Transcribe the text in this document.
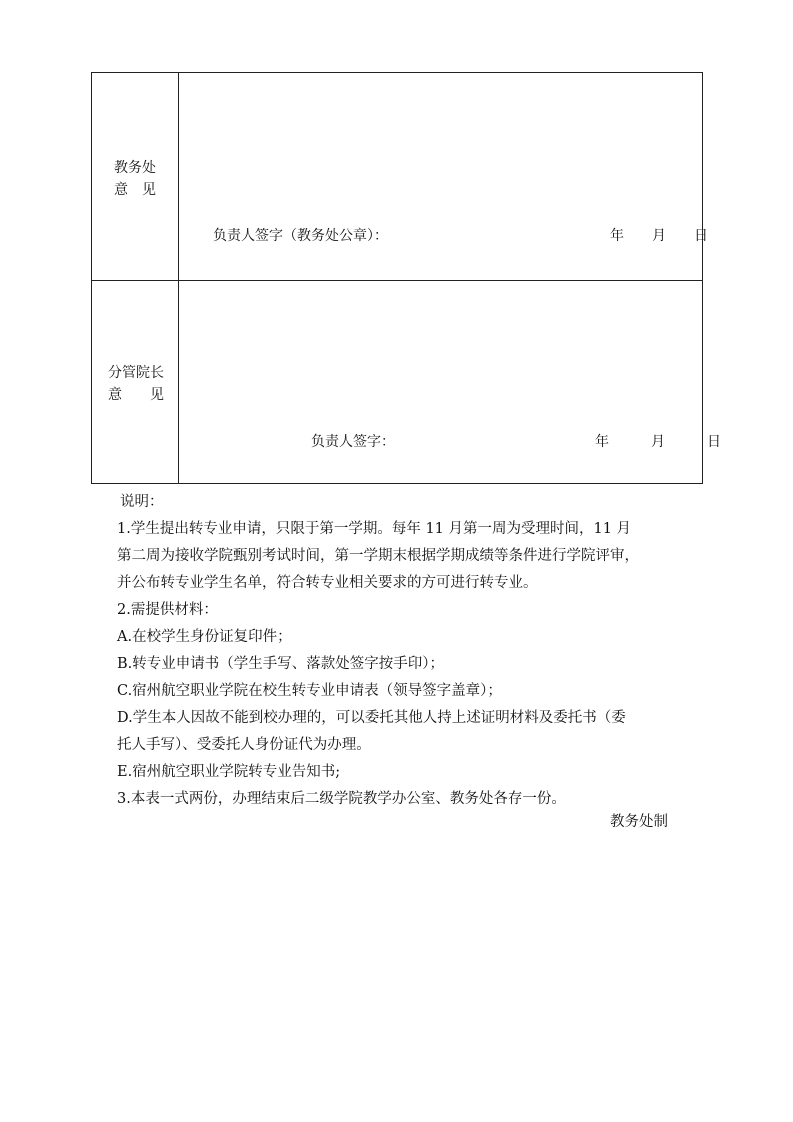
教务处
意　见
负责人签字（教务处公章）：	年　　月　　日
分管院长
意　　见
负责人签字：	年　　　月　　　日
说明：
1.学生提出转专业申请，只限于第一学期。每年 11 月第一周为受理时间，11 月
第二周为接收学院甄别考试时间，第一学期末根据学期成绩等条件进行学院评审，
并公布转专业学生名单，符合转专业相关要求的方可进行转专业。
2.需提供材料：
A.在校学生身份证复印件；
B.转专业申请书（学生手写、落款处签字按手印）；
C.宿州航空职业学院在校生转专业申请表（领导签字盖章）；
D.学生本人因故不能到校办理的，可以委托其他人持上述证明材料及委托书（委
托人手写）、受委托人身份证代为办理。
E.宿州航空职业学院转专业告知书;
3.本表一式两份，办理结束后二级学院教学办公室、教务处各存一份。
教务处制
